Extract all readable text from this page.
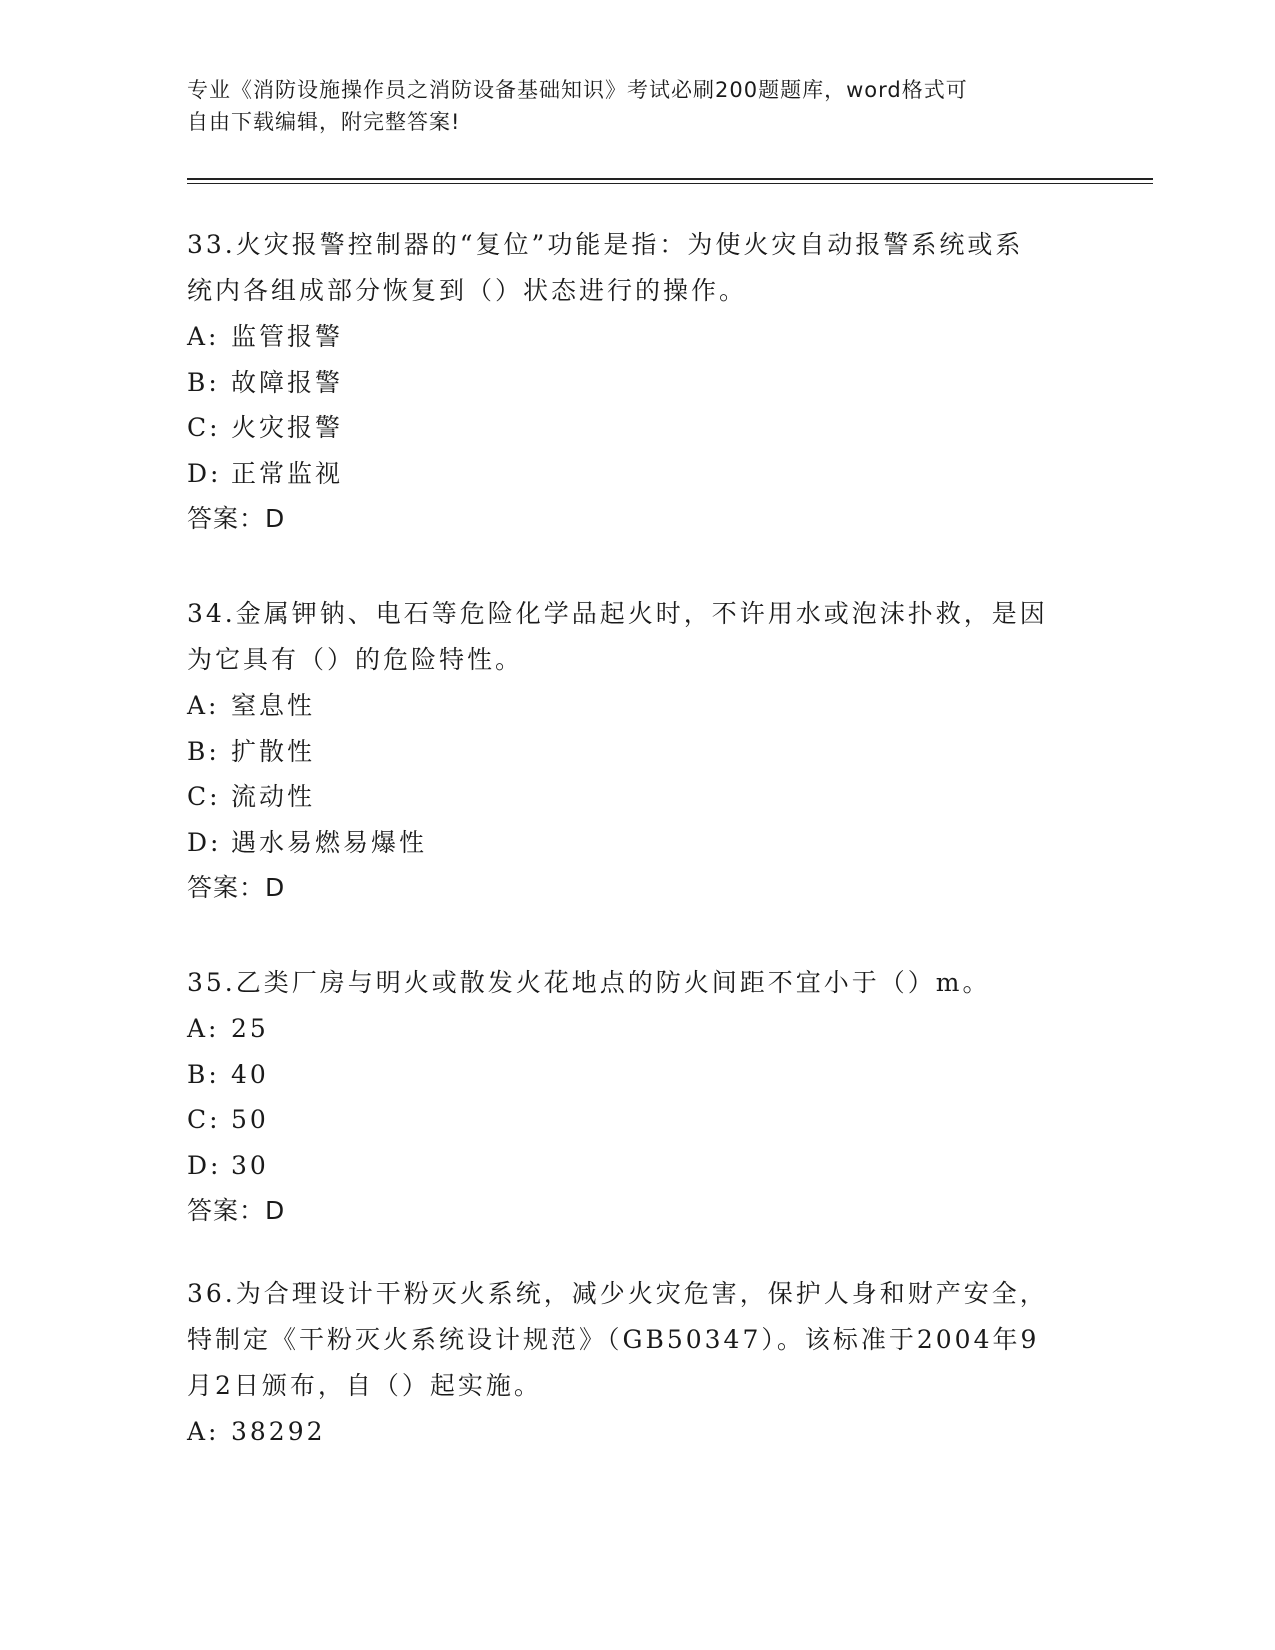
专业《消防设施操作员之消防设备基础知识》考试必刷200题题库，word格式可
自由下载编辑，附完整答案!

33.火灾报警控制器的“复位”功能是指：为使火灾自动报警系统或系

统内各组成部分恢复到（）状态进行的操作。

A: 监管报警

B: 故障报警

C: 火灾报警

D: 正常监视

答案：D

34.金属钾钠、电石等危险化学品起火时，不许用水或泡沫扑救，是因

为它具有（）的危险特性。

A: 窒息性

B: 扩散性

C: 流动性

D: 遇水易燃易爆性

答案：D

35.乙类厂房与明火或散发火花地点的防火间距不宜小于（）m。

A: 25

B: 40

C: 50

D: 30

答案：D

36.为合理设计干粉灭火系统，减少火灾危害，保护人身和财产安全，

特制定《干粉灭火系统设计规范》（GB50347）。该标准于2004年9

月2日颁布，自（）起实施。

A: 38292
